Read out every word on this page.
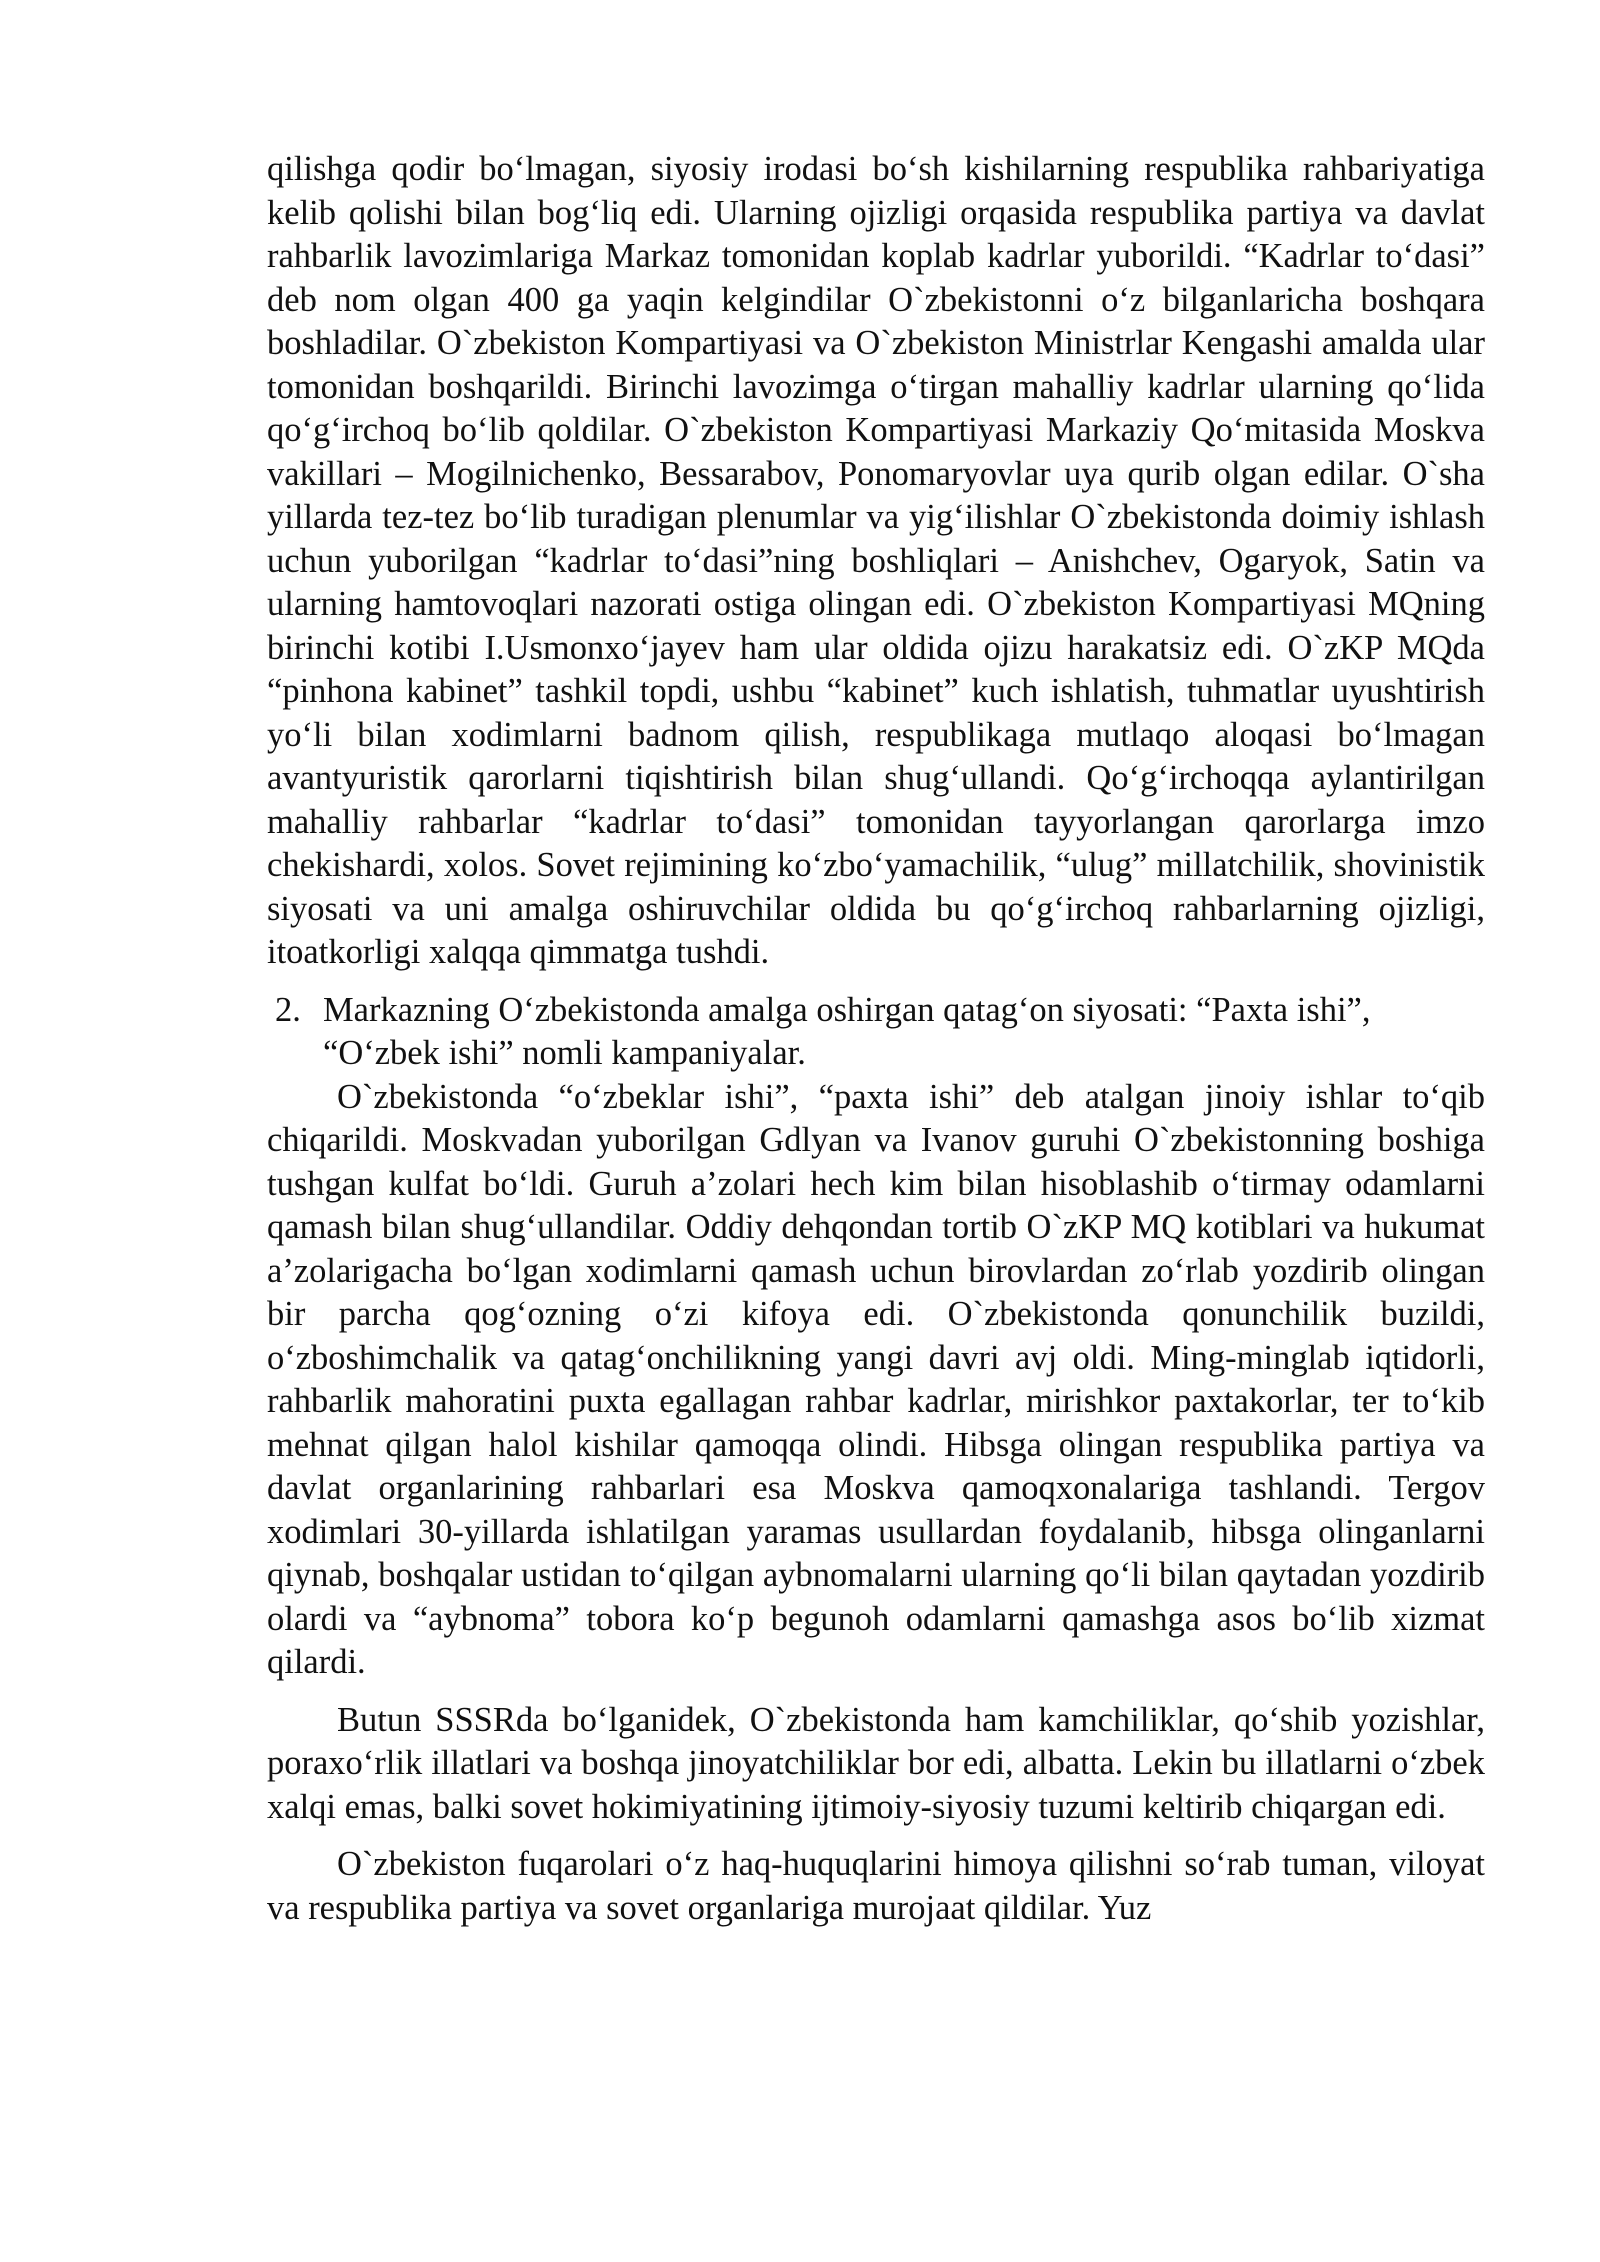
qilishga qodir bo‘lmagan, siyosiy irodasi bo‘sh kishilarning respublika rahbariyatiga kelib qolishi bilan bog‘liq edi. Ularning ojizligi orqasida respublika partiya va davlat rahbarlik lavozimlariga Markaz tomonidan koplab kadrlar yuborildi. “Kadrlar to‘dasi” deb nom olgan 400 ga yaqin kelgindilar O`zbekistonni o‘z bilganlaricha boshqara boshladilar. O`zbekiston Kompartiyasi va O`zbekiston Ministrlar Kengashi amalda ular tomonidan boshqarildi. Birinchi lavozimga o‘tirgan mahalliy kadrlar ularning qo‘lida qo‘g‘irchoq bo‘lib qoldilar. O`zbekiston Kompartiyasi Markaziy Qo‘mitasida Moskva vakillari – Mogilnichenko, Bessarabov, Ponomaryovlar uya qurib olgan edilar. O`sha yillarda tez-tez bo‘lib turadigan plenumlar va yig‘ilishlar O`zbekistonda doimiy ishlash uchun yuborilgan “kadrlar to‘dasi”ning boshliqlari – Anishchev, Ogaryok, Satin va ularning hamtovoqlari nazorati ostiga olingan edi. O`zbekiston Kompartiyasi MQning birinchi kotibi I.Usmonxo‘jayev ham ular oldida ojizu harakatsiz edi. O`zKP MQda “pinhona kabinet” tashkil topdi, ushbu “kabinet” kuch ishlatish, tuhmatlar uyushtirish yo‘li bilan xodimlarni badnom qilish, respublikaga mutlaqo aloqasi bo‘lmagan avantyuristik qarorlarni tiqishtirish bilan shug‘ullandi. Qo‘g‘irchoqqa aylantirilgan mahalliy rahbarlar “kadrlar to‘dasi” tomonidan tayyorlangan qarorlarga imzo chekishardi, xolos. Sovet rejimining ko‘zbo‘yamachilik, “ulug” millatchilik, shovinistik siyosati va uni amalga oshiruvchilar oldida bu qo‘g‘irchoq rahbarlarning ojizligi, itoatkorligi xalqqa qimmatga tushdi.

2. Markazning O‘zbekistonda amalga oshirgan qatag‘on siyosati: “Paxta ishi”, “O‘zbek ishi” nomli kampaniyalar.

O`zbekistonda “o‘zbeklar ishi”, “paxta ishi” deb atalgan jinoiy ishlar to‘qib chiqarildi. Moskvadan yuborilgan Gdlyan va Ivanov guruhi O`zbekistonning boshiga tushgan kulfat bo‘ldi. Guruh a’zolari hech kim bilan hisoblashib o‘tirmay odamlarni qamash bilan shug‘ullandilar. Oddiy dehqondan tortib O`zKP MQ kotiblari va hukumat a’zolarigacha bo‘lgan xodimlarni qamash uchun birovlardan zo‘rlab yozdirib olingan bir parcha qog‘ozning o‘zi kifoya edi. O`zbekistonda qonunchilik buzildi, o‘zboshimchalik va qatag‘onchilikning yangi davri avj oldi. Ming-minglab iqtidorli, rahbarlik mahoratini puxta egallagan rahbar kadrlar, mirishkor paxtakorlar, ter to‘kib mehnat qilgan halol kishilar qamoqqa olindi. Hibsga olingan respublika partiya va davlat organlarining rahbarlari esa Moskva qamoqxonalariga tashlandi. Tergov xodimlari 30-yillarda ishlatilgan yaramas usullardan foydalanib, hibsga olinganlarni qiynab, boshqalar ustidan to‘qilgan aybnomalarni ularning qo‘li bilan qaytadan yozdirib olardi va “aybnoma” tobora ko‘p begunoh odamlarni qamashga asos bo‘lib xizmat qilardi.

Butun SSSRda bo‘lganidek, O`zbekistonda ham kamchiliklar, qo‘shib yozishlar, poraxo‘rlik illatlari va boshqa jinoyatchiliklar bor edi, albatta. Lekin bu illatlarni o‘zbek xalqi emas, balki sovet hokimiyatining ijtimoiy-siyosiy tuzumi keltirib chiqargan edi.

O`zbekiston fuqarolari o‘z haq-huquqlarini himoya qilishni so‘rab tuman, viloyat va respublika partiya va sovet organlariga murojaat qildilar. Yuz
